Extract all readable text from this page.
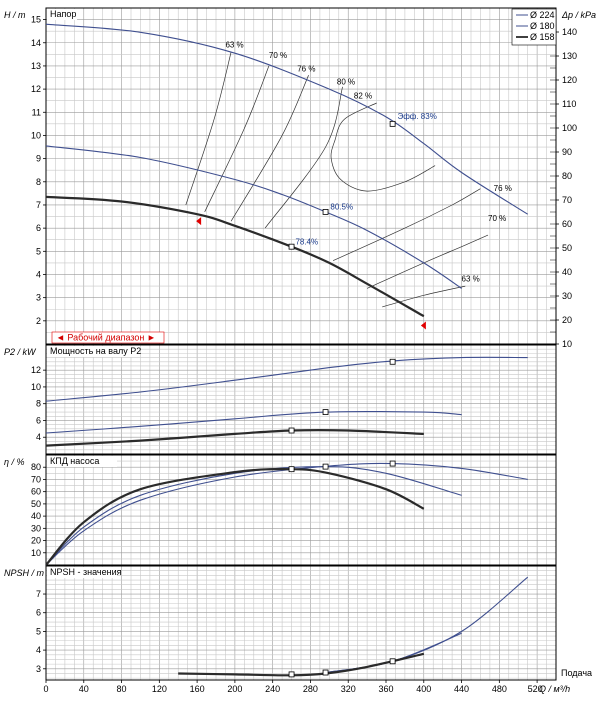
2
3
4
5
6
7
8
9
10
11
12
13
14
15
H / m	Напор
10
20
30
40
50
60
70
80
90
100
110
120
130
140
Δp / kPa
63 %
70 %
76 %
80 %
82 %
76 %
70 %
63 %
Эфф. 83%
80.5%
78.4%
4
6
8
10
12
P2 / kW Мощность на валу P2
10
20
30
40
50
60
70
80
η / %	КПД насоса
3
4
5
6
7
NPSH / m NPSH - значения
Ø 224
Ø 180
Ø 158
◄ Рабочий диапазон ►
0	40	80	120	160	200	240	280	320	360	400	440	480 520
Q / м³/h
Подача
